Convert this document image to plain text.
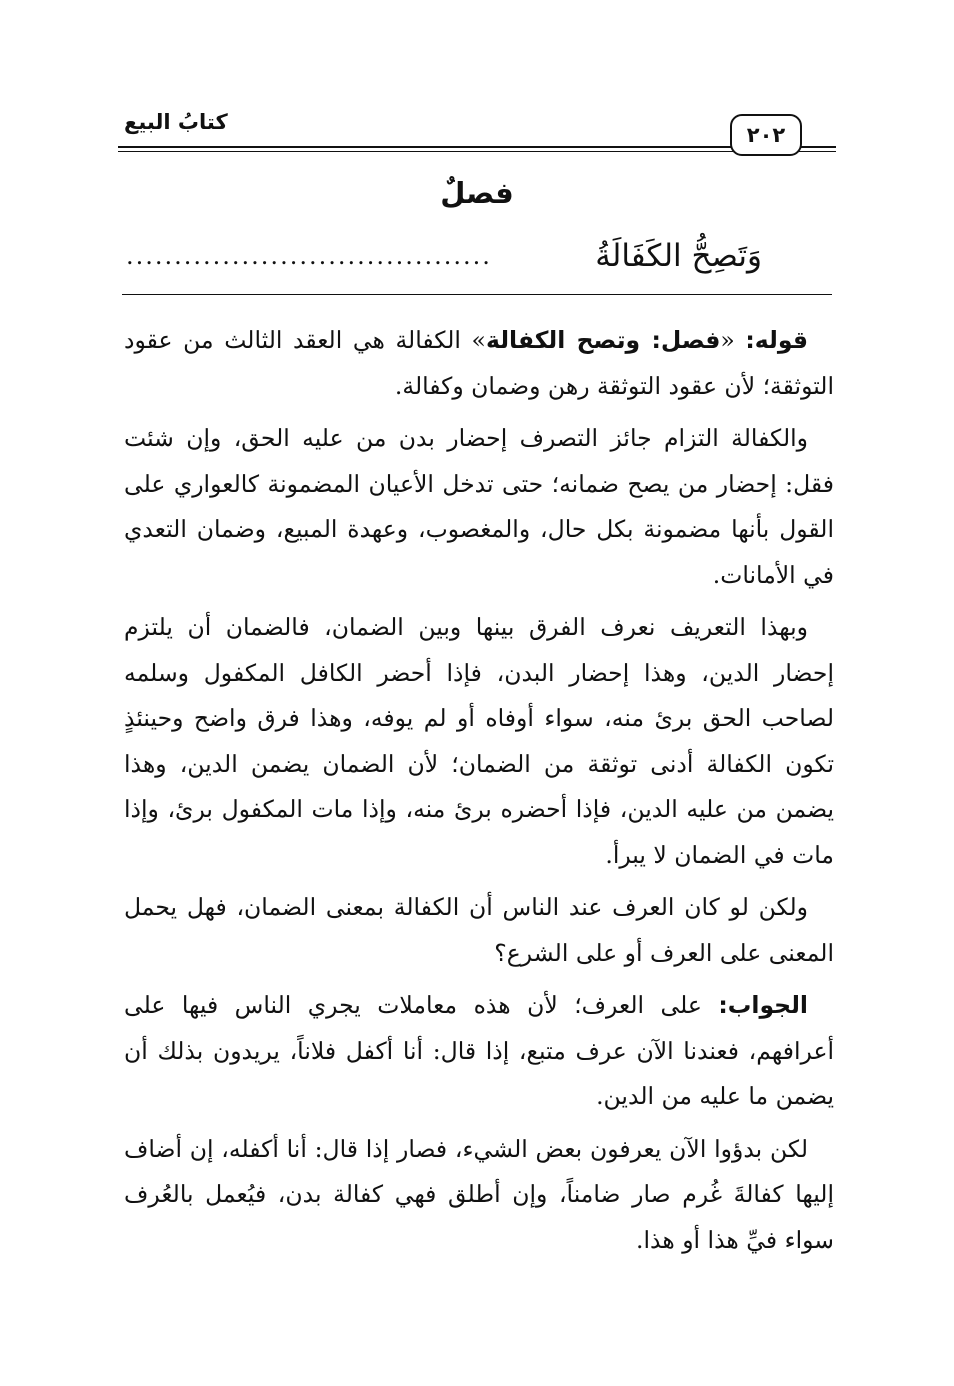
كتابُ البيع
٢٠٢
فصلٌ
وَتَصِحُّ الكَفَالَةُ
......................................

قوله: «فصل: وتصح الكفالة» الكفالة هي العقد الثالث من عقود التوثقة؛ لأن عقود التوثقة رهن وضمان وكفالة.

والكفالة التزام جائز التصرف إحضار بدن من عليه الحق، وإن شئت فقل: إحضار من يصح ضمانه؛ حتى تدخل الأعيان المضمونة كالعواري على القول بأنها مضمونة بكل حال، والمغصوب، وعهدة المبيع، وضمان التعدي في الأمانات.

وبهذا التعريف نعرف الفرق بينها وبين الضمان، فالضمان أن يلتزم إحضار الدين، وهذا إحضار البدن، فإذا أحضر الكافل المكفول وسلمه لصاحب الحق برئ منه، سواء أوفاه أو لم يوفه، وهذا فرق واضح وحينئذٍ تكون الكفالة أدنى توثقة من الضمان؛ لأن الضمان يضمن الدين، وهذا يضمن من عليه الدين، فإذا أحضره برئ منه، وإذا مات المكفول برئ، وإذا مات في الضمان لا يبرأ.

ولكن لو كان العرف عند الناس أن الكفالة بمعنى الضمان، فهل يحمل المعنى على العرف أو على الشرع؟

الجواب: على العرف؛ لأن هذه معاملات يجري الناس فيها على أعرافهم، فعندنا الآن عرف متبع، إذا قال: أنا أكفل فلاناً، يريدون بذلك أن يضمن ما عليه من الدين.

لكن بدؤوا الآن يعرفون بعض الشيء، فصار إذا قال: أنا أكفله، إن أضاف إليها كفالةَ غُرم صار ضامناً، وإن أطلق فهي كفالة بدن، فيُعمل بالعُرف سواء فيِّ هذا أو هذا.
